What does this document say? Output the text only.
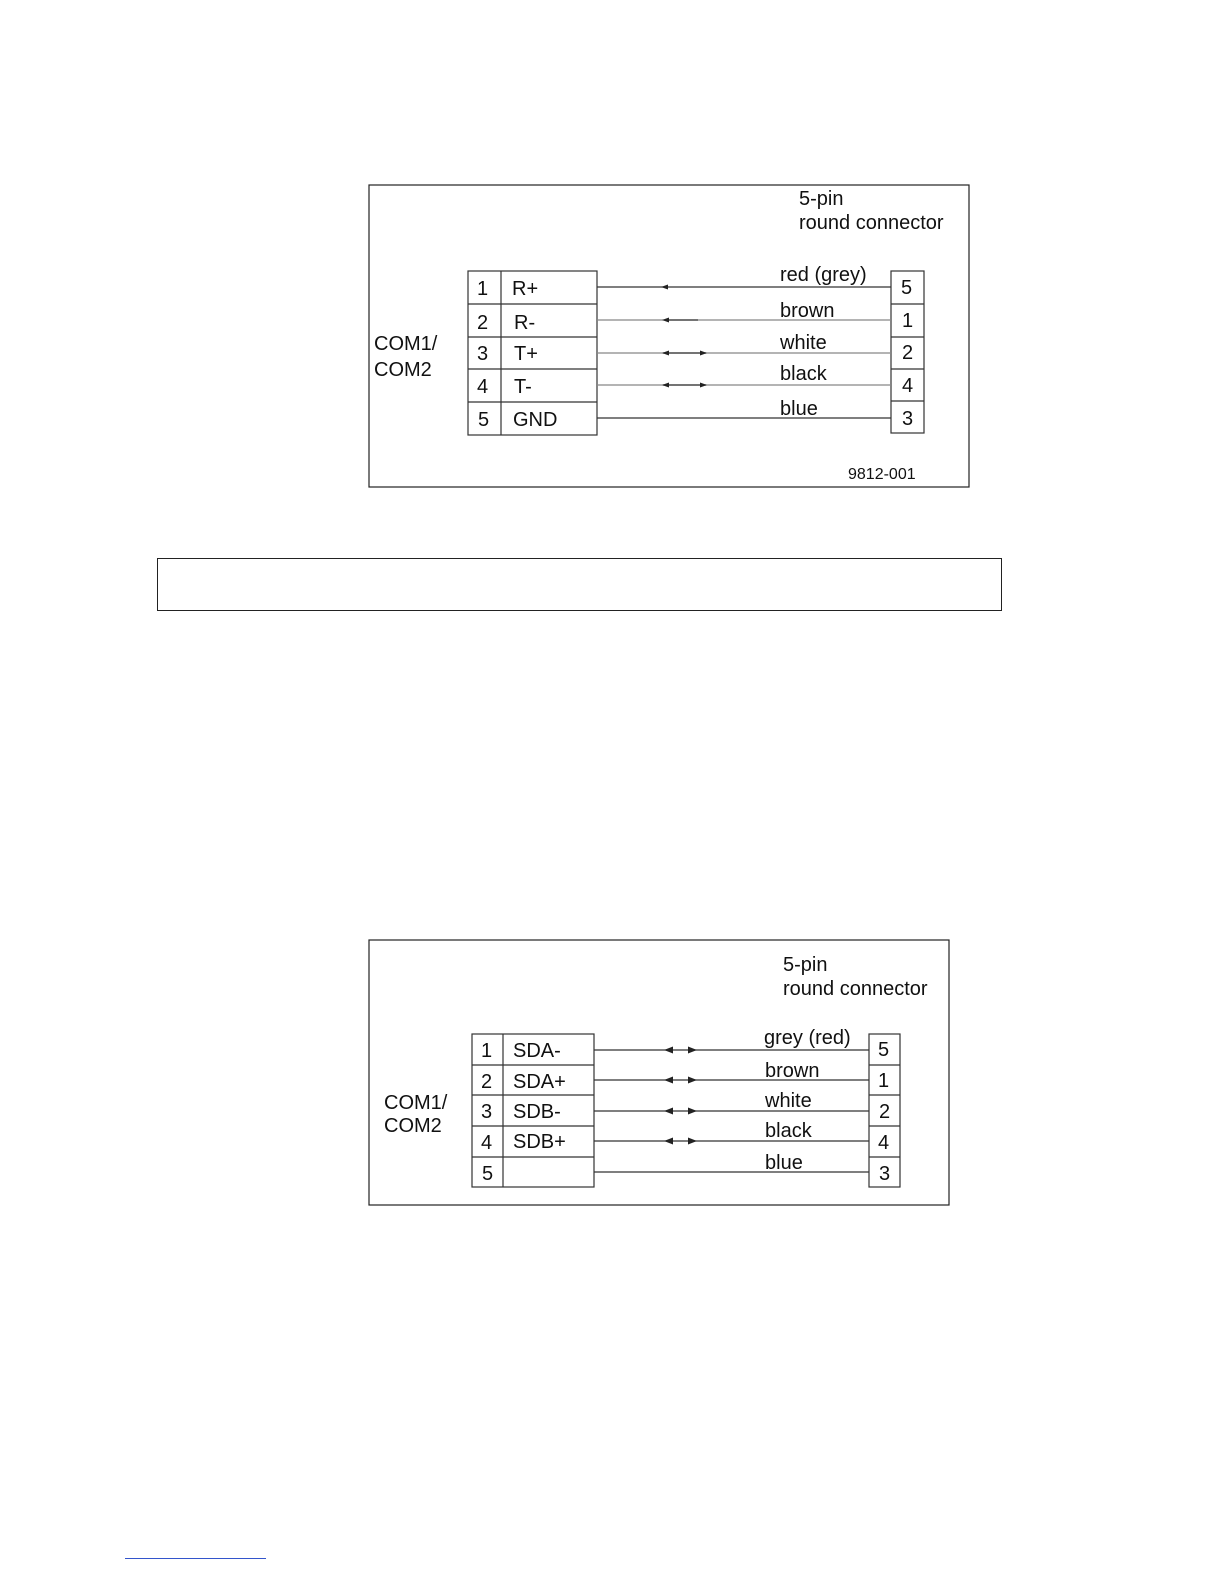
5-pin
round connector
COM1/
COM2
9812-001
1 R+
2 R-
3 T+
4 T-
5 GND
5
1
2
4
3
red (grey)
brown
white
black
blue
5-pin
round connector
COM1/
COM2
1 SDA-
2 SDA+
3 SDB-
4 SDB+
5
5
1
2
4
3
grey (red)
brown
white
black
blue
